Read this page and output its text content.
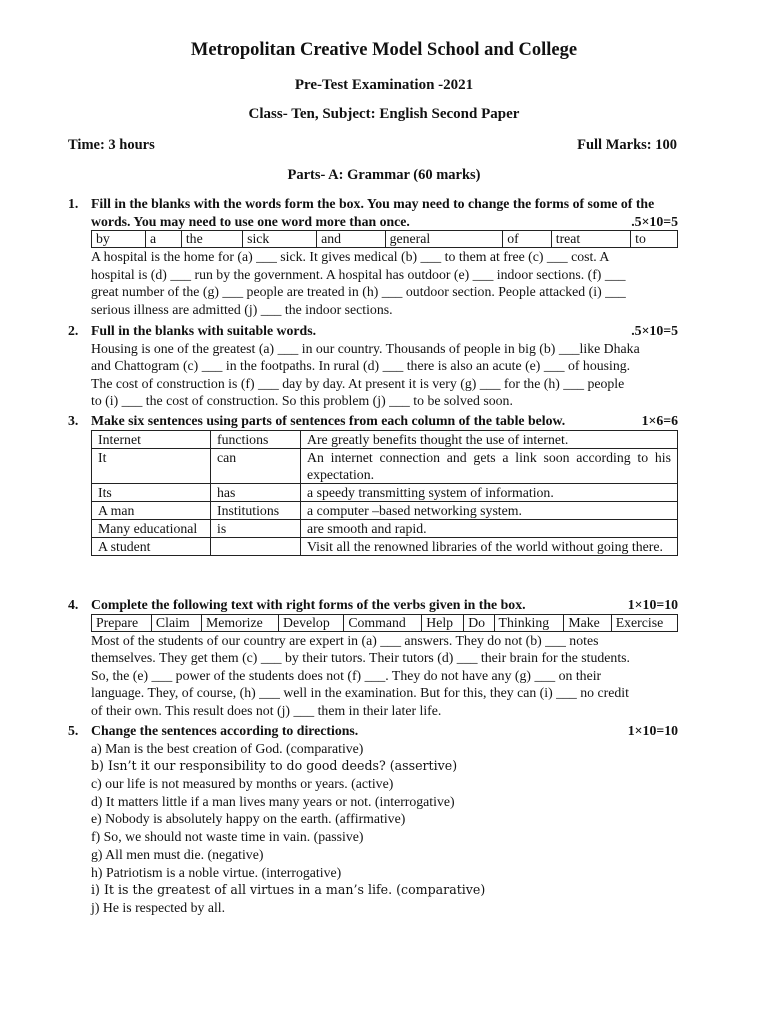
Metropolitan Creative Model School and College
Pre-Test Examination -2021
Class- Ten, Subject: English Second Paper
Time: 3 hours	Full Marks: 100
Parts- A: Grammar (60 marks)
1. Fill in the blanks with the words form the box. You may need to change the forms of some of the words. You may need to use one word more than once.	.5×10=5
by	a	the	sick	and	general	of	treat	to
A hospital is the home for (a) ___ sick. It gives medical (b) ___ to them at free (c) ___ cost. A
hospital is (d) ___ run by the government. A hospital has outdoor (e) ___ indoor sections. (f) ___
great number of the (g) ___ people are treated in (h) ___ outdoor section. People attacked (i) ___
serious illness are admitted (j) ___ the indoor sections.
2. Full in the blanks with suitable words.	.5×10=5
Housing is one of the greatest (a) ___ in our country. Thousands of people in big (b) ___like Dhaka
and Chattogram (c) ___ in the footpaths. In rural (d) ___ there is also an acute (e) ___ of housing.
The cost of construction is (f) ___ day by day. At present it is very (g) ___ for the (h) ___ people
to (i) ___ the cost of construction. So this problem (j) ___ to be solved soon.
3. Make six sentences using parts of sentences from each column of the table below.	1×6=6
Internet	functions	Are greatly benefits thought the use of internet.
It	can	An internet connection and gets a link soon according to his expectation.
Its	has	a speedy transmitting system of information.
A man	Institutions	a computer –based networking system.
Many educational	is	are smooth and rapid.
A student		Visit all the renowned libraries of the world without going there.
4. Complete the following text with right forms of the verbs given in the box.	1×10=10
Prepare	Claim	Memorize	Develop	Command	Help	Do	Thinking	Make	Exercise
Most of the students of our country are expert in (a) ___ answers. They do not (b) ___ notes
themselves. They get them (c) ___ by their tutors. Their tutors (d) ___ their brain for the students.
So, the (e) ___ power of the students does not (f) ___. They do not have any (g) ___ on their
language. They, of course, (h) ___ well in the examination. But for this, they can (i) ___ no credit
of their own. This result does not (j) ___ them in their later life.
5. Change the sentences according to directions.	1×10=10
a) Man is the best creation of God. (comparative)
b) Isn’t it our responsibility to do good deeds? (assertive)
c) our life is not measured by months or years. (active)
d) It matters little if a man lives many years or not. (interrogative)
e) Nobody is absolutely happy on the earth. (affirmative)
f) So, we should not waste time in vain. (passive)
g) All men must die. (negative)
h) Patriotism is a noble virtue. (interrogative)
i) It is the greatest of all virtues in a man’s life. (comparative)
j) He is respected by all.
